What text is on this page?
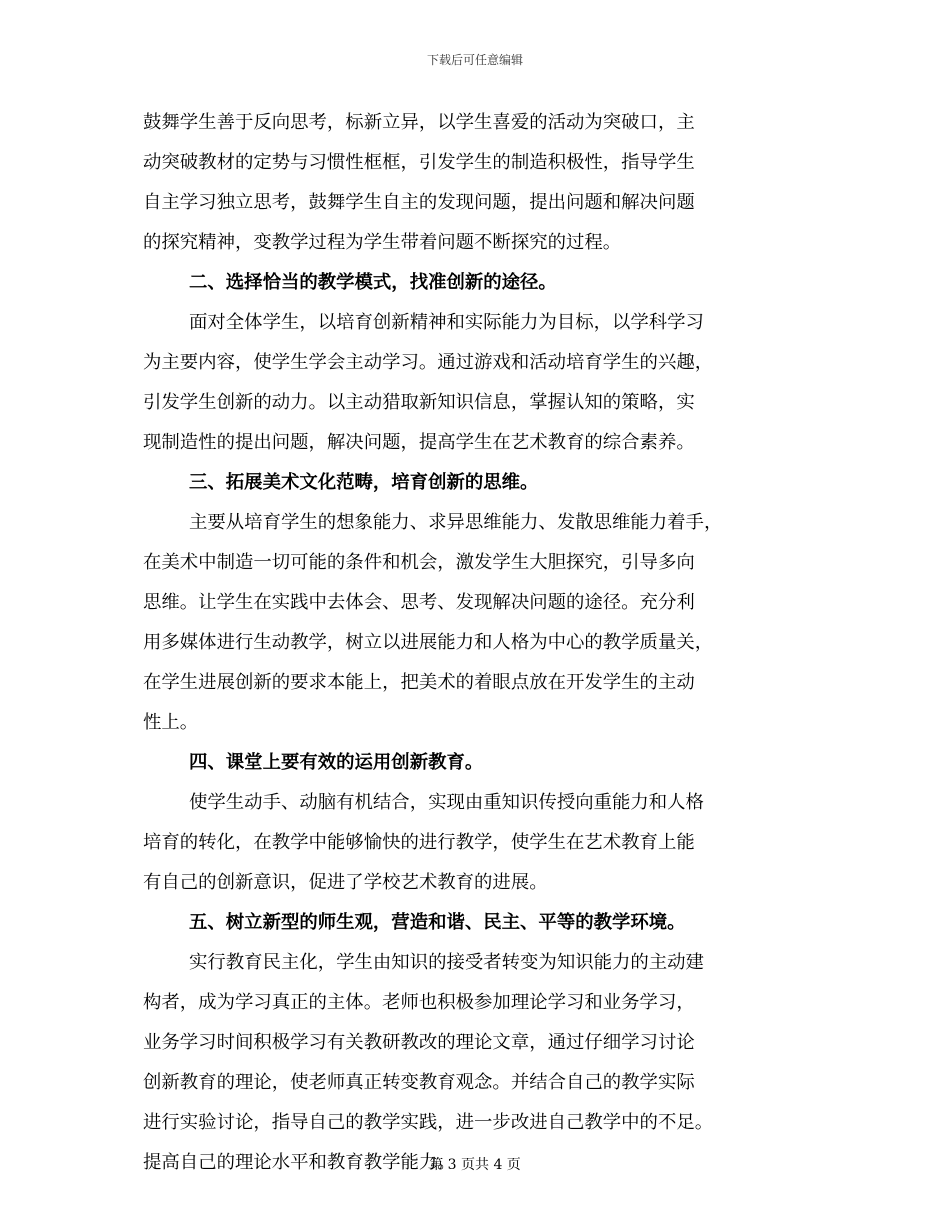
下载后可任意编辑
鼓舞学生善于反向思考，标新立异，以学生喜爱的活动为突破口，主
动突破教材的定势与习惯性框框，引发学生的制造积极性，指导学生
自主学习独立思考，鼓舞学生自主的发现问题，提出问题和解决问题
的探究精神，变教学过程为学生带着问题不断探究的过程。
二、选择恰当的教学模式，找准创新的途径。
面对全体学生，以培育创新精神和实际能力为目标，以学科学习
为主要内容，使学生学会主动学习。通过游戏和活动培育学生的兴趣，
引发学生创新的动力。以主动猎取新知识信息，掌握认知的策略，实
现制造性的提出问题，解决问题，提高学生在艺术教育的综合素养。
三、拓展美术文化范畴，培育创新的思维。
主要从培育学生的想象能力、求异思维能力、发散思维能力着手，
在美术中制造一切可能的条件和机会，激发学生大胆探究，引导多向
思维。让学生在实践中去体会、思考、发现解决问题的途径。充分利
用多媒体进行生动教学，树立以进展能力和人格为中心的教学质量关，
在学生进展创新的要求本能上，把美术的着眼点放在开发学生的主动
性上。
四、课堂上要有效的运用创新教育。
使学生动手、动脑有机结合，实现由重知识传授向重能力和人格
培育的转化，在教学中能够愉快的进行教学，使学生在艺术教育上能
有自己的创新意识，促进了学校艺术教育的进展。
五、树立新型的师生观，营造和谐、民主、平等的教学环境。
实行教育民主化，学生由知识的接受者转变为知识能力的主动建
构者，成为学习真正的主体。老师也积极参加理论学习和业务学习，
业务学习时间积极学习有关教研教改的理论文章，通过仔细学习讨论
创新教育的理论，使老师真正转变教育观念。并结合自己的教学实际
进行实验讨论，指导自己的教学实践，进一步改进自己教学中的不足。
提高自己的理论水平和教育教学能力。
第 3 页共 4 页
